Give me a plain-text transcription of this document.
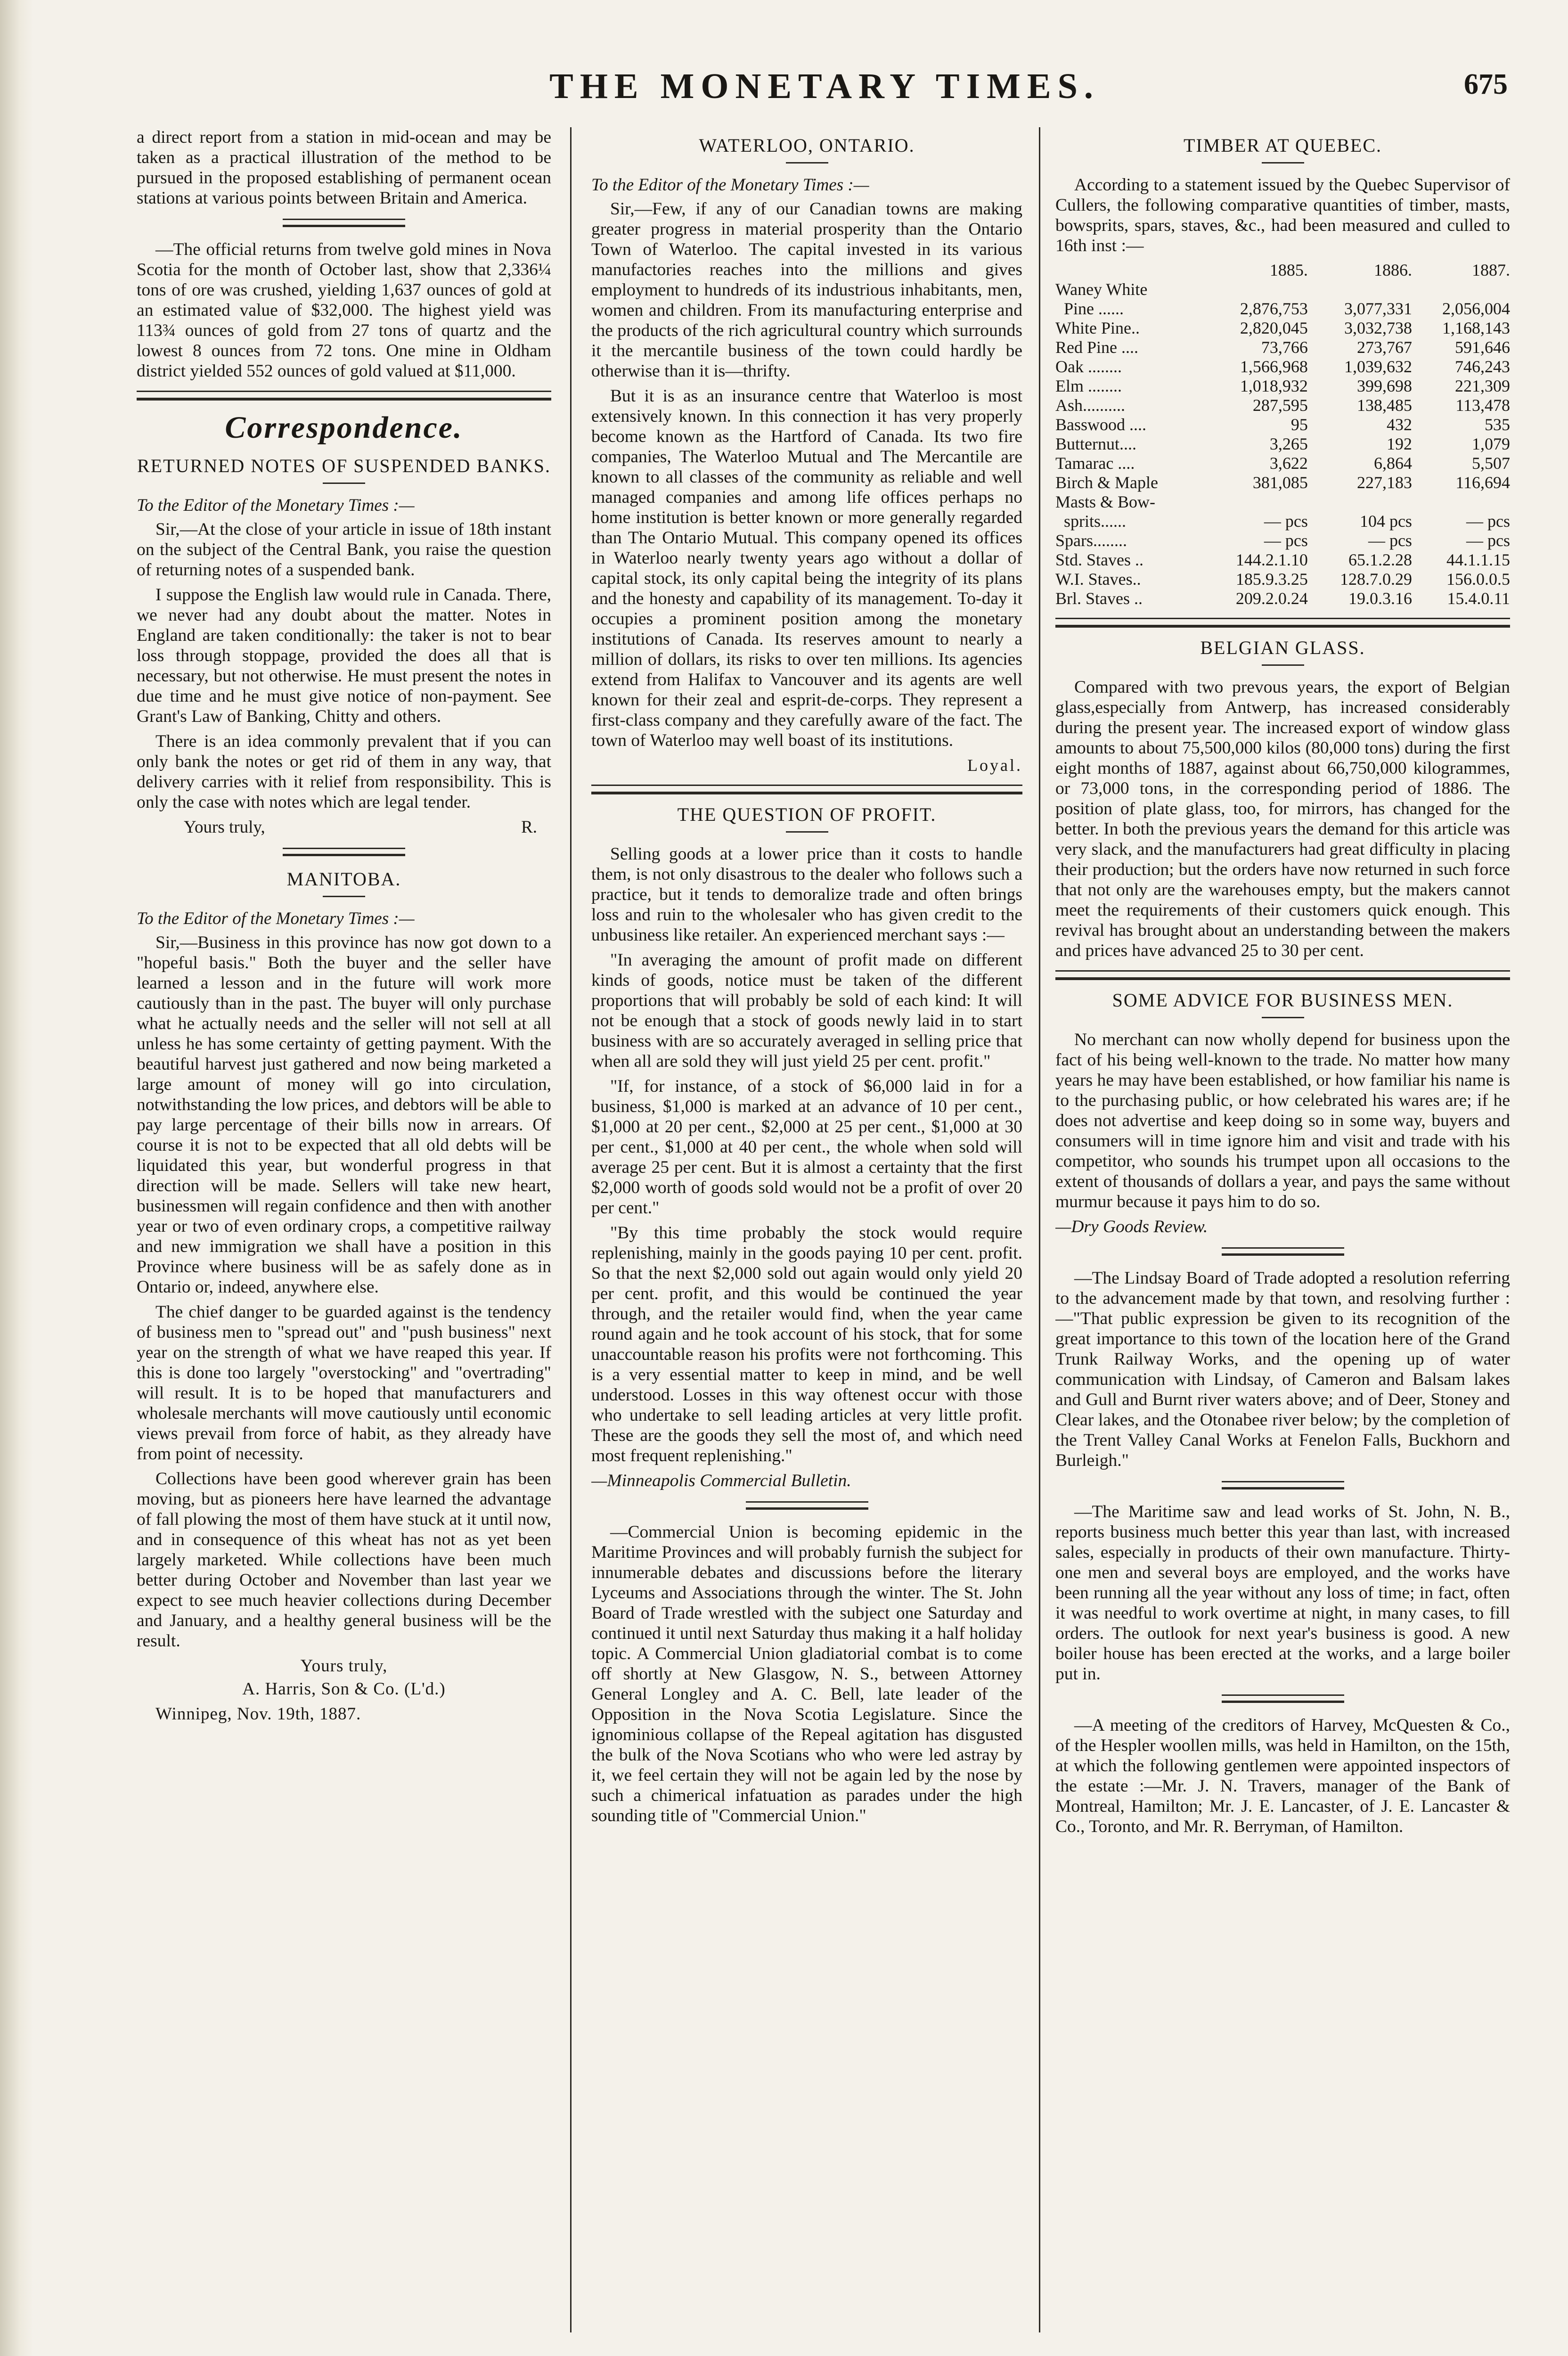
THE MONETARY TIMES.	675

a direct report from a station in mid-ocean and may be taken as a practical illustration of the method to be pursued in the proposed establishing of permanent ocean stations at various points between Britain and America.

—The official returns from twelve gold mines in Nova Scotia for the month of October last, show that 2,336¼ tons of ore was crushed, yielding 1,637 ounces of gold at an estimated value of $32,000. The highest yield was 113¾ ounces of gold from 27 tons of quartz and the lowest 8 ounces from 72 tons. One mine in Oldham district yielded 552 ounces of gold valued at $11,000.

Correspondence.
RETURNED NOTES OF SUSPENDED BANKS.
To the Editor of the Monetary Times :—

Sir,—At the close of your article in issue of 18th instant on the subject of the Central Bank, you raise the question of returning notes of a suspended bank.

I suppose the English law would rule in Canada. There, we never had any doubt about the matter. Notes in England are taken conditionally: the taker is not to bear loss through stoppage, provided the does all that is necessary, but not otherwise. He must present the notes in due time and he must give notice of non-payment. See Grant's Law of Banking, Chitty and others.

There is an idea commonly prevalent that if you can only bank the notes or get rid of them in any way, that delivery carries with it relief from responsibility. This is only the case with notes which are legal tender.

Yours truly,	R.
MANITOBA.
To the Editor of the Monetary Times :—

Sir,—Business in this province has now got down to a "hopeful basis." Both the buyer and the seller have learned a lesson and in the future will work more cautiously than in the past. The buyer will only purchase what he actually needs and the seller will not sell at all unless he has some certainty of getting payment. With the beautiful harvest just gathered and now being marketed a large amount of money will go into circulation, notwithstanding the low prices, and debtors will be able to pay large percentage of their bills now in arrears. Of course it is not to be expected that all old debts will be liquidated this year, but wonderful progress in that direction will be made. Sellers will take new heart, businessmen will regain confidence and then with another year or two of even ordinary crops, a competitive railway and new immigration we shall have a position in this Province where business will be as safely done as in Ontario or, indeed, anywhere else.

The chief danger to be guarded against is the tendency of business men to "spread out" and "push business" next year on the strength of what we have reaped this year. If this is done too largely "overstocking" and "overtrading" will result. It is to be hoped that manufacturers and wholesale merchants will move cautiously until economic views prevail from force of habit, as they already have from point of necessity.

Collections have been good wherever grain has been moving, but as pioneers here have learned the advantage of fall plowing the most of them have stuck at it until now, and in consequence of this wheat has not as yet been largely marketed. While collections have been much better during October and November than last year we expect to see much heavier collections during December and January, and a healthy general business will be the result.

Yours truly,
A. Harris, Son & Co. (L'd.)
Winnipeg, Nov. 19th, 1887.
WATERLOO, ONTARIO.
To the Editor of the Monetary Times :—

Sir,—Few, if any of our Canadian towns are making greater progress in material prosperity than the Ontario Town of Waterloo. The capital invested in its various manufactories reaches into the millions and gives employment to hundreds of its industrious inhabitants, men, women and children. From its manufacturing enterprise and the products of the rich agricultural country which surrounds it the mercantile business of the town could hardly be otherwise than it is—thrifty.

But it is as an insurance centre that Waterloo is most extensively known. In this connection it has very properly become known as the Hartford of Canada. Its two fire companies, The Waterloo Mutual and The Mercantile are known to all classes of the community as reliable and well managed companies and among life offices perhaps no home institution is better known or more generally regarded than The Ontario Mutual. This company opened its offices in Waterloo nearly twenty years ago without a dollar of capital stock, its only capital being the integrity of its plans and the honesty and capability of its management. To-day it occupies a prominent position among the monetary institutions of Canada. Its reserves amount to nearly a million of dollars, its risks to over ten millions. Its agencies extend from Halifax to Vancouver and its agents are well known for their zeal and esprit-de-corps. They represent a first-class company and they carefully aware of the fact. The town of Waterloo may well boast of its institutions.

Loyal.
THE QUESTION OF PROFIT.

Selling goods at a lower price than it costs to handle them, is not only disastrous to the dealer who follows such a practice, but it tends to demoralize trade and often brings loss and ruin to the wholesaler who has given credit to the unbusiness like retailer. An experienced merchant says :—

"In averaging the amount of profit made on different kinds of goods, notice must be taken of the different proportions that will probably be sold of each kind: It will not be enough that a stock of goods newly laid in to start business with are so accurately averaged in selling price that when all are sold they will just yield 25 per cent. profit."

"If, for instance, of a stock of $6,000 laid in for a business, $1,000 is marked at an advance of 10 per cent., $1,000 at 20 per cent., $2,000 at 25 per cent., $1,000 at 30 per cent., $1,000 at 40 per cent., the whole when sold will average 25 per cent. But it is almost a certainty that the first $2,000 worth of goods sold would not be a profit of over 20 per cent."

"By this time probably the stock would require replenishing, mainly in the goods paying 10 per cent. profit. So that the next $2,000 sold out again would only yield 20 per cent. profit, and this would be continued the year through, and the retailer would find, when the year came round again and he took account of his stock, that for some unaccountable reason his profits were not forthcoming. This is a very essential matter to keep in mind, and be well understood. Losses in this way oftenest occur with those who undertake to sell leading articles at very little profit. These are the goods they sell the most of, and which need most frequent replenishing."

—Minneapolis Commercial Bulletin.

—Commercial Union is becoming epidemic in the Maritime Provinces and will probably furnish the subject for innumerable debates and discussions before the literary Lyceums and Associations through the winter. The St. John Board of Trade wrestled with the subject one Saturday and continued it until next Saturday thus making it a half holiday topic. A Commercial Union gladiatorial combat is to come off shortly at New Glasgow, N. S., between Attorney General Longley and A. C. Bell, late leader of the Opposition in the Nova Scotia Legislature. Since the ignominious collapse of the Repeal agitation has disgusted the bulk of the Nova Scotians who who were led astray by it, we feel certain they will not be again led by the nose by such a chimerical infatuation as parades under the high sounding title of "Commercial Union."

TIMBER AT QUEBEC.

According to a statement issued by the Quebec Supervisor of Cullers, the following comparative quantities of timber, masts, bowsprits, spars, staves, &c., had been measured and culled to 16th inst :—

	1885.	1886.	1887.
Waney White			
Pine ......	2,876,753	3,077,331	2,056,004
White Pine..	2,820,045	3,032,738	1,168,143
Red Pine ....	73,766	273,767	591,646
Oak ........	1,566,968	1,039,632	746,243
Elm ........	1,018,932	399,698	221,309
Ash..........	287,595	138,485	113,478
Basswood ....	95	432	535
Butternut....	3,265	192	1,079
Tamarac ....	3,622	6,864	5,507
Birch & Maple	381,085	227,183	116,694
Masts & Bow-			
sprits......	— pcs	104 pcs	— pcs
Spars........	— pcs	— pcs	— pcs
Std. Staves ..	144.2.1.10	65.1.2.28	44.1.1.15
W.I. Staves..	185.9.3.25	128.7.0.29	156.0.0.5
Brl. Staves ..	209.2.0.24	19.0.3.16	15.4.0.11
BELGIAN GLASS.

Compared with two prevous years, the export of Belgian glass,especially from Antwerp, has increased considerably during the present year. The increased export of window glass amounts to about 75,500,000 kilos (80,000 tons) during the first eight months of 1887, against about 66,750,000 kilogrammes, or 73,000 tons, in the corresponding period of 1886. The position of plate glass, too, for mirrors, has changed for the better. In both the previous years the demand for this article was very slack, and the manufacturers had great difficulty in placing their production; but the orders have now returned in such force that not only are the warehouses empty, but the makers cannot meet the requirements of their customers quick enough. This revival has brought about an understanding between the makers and prices have advanced 25 to 30 per cent.

SOME ADVICE FOR BUSINESS MEN.

No merchant can now wholly depend for business upon the fact of his being well-known to the trade. No matter how many years he may have been established, or how familiar his name is to the purchasing public, or how celebrated his wares are; if he does not advertise and keep doing so in some way, buyers and consumers will in time ignore him and visit and trade with his competitor, who sounds his trumpet upon all occasions to the extent of thousands of dollars a year, and pays the same without murmur because it pays him to do so.

—Dry Goods Review.

—The Lindsay Board of Trade adopted a resolution referring to the advancement made by that town, and resolving further :—"That public expression be given to its recognition of the great importance to this town of the location here of the Grand Trunk Railway Works, and the opening up of water communication with Lindsay, of Cameron and Balsam lakes and Gull and Burnt river waters above; and of Deer, Stoney and Clear lakes, and the Otonabee river below; by the completion of the Trent Valley Canal Works at Fenelon Falls, Buckhorn and Burleigh."

—The Maritime saw and lead works of St. John, N. B., reports business much better this year than last, with increased sales, especially in products of their own manufacture. Thirty-one men and several boys are employed, and the works have been running all the year without any loss of time; in fact, often it was needful to work overtime at night, in many cases, to fill orders. The outlook for next year's business is good. A new boiler house has been erected at the works, and a large boiler put in.

—A meeting of the creditors of Harvey, McQuesten & Co., of the Hespler woollen mills, was held in Hamilton, on the 15th, at which the following gentlemen were appointed inspectors of the estate :—Mr. J. N. Travers, manager of the Bank of Montreal, Hamilton; Mr. J. E. Lancaster, of J. E. Lancaster & Co., Toronto, and Mr. R. Berryman, of Hamilton.
